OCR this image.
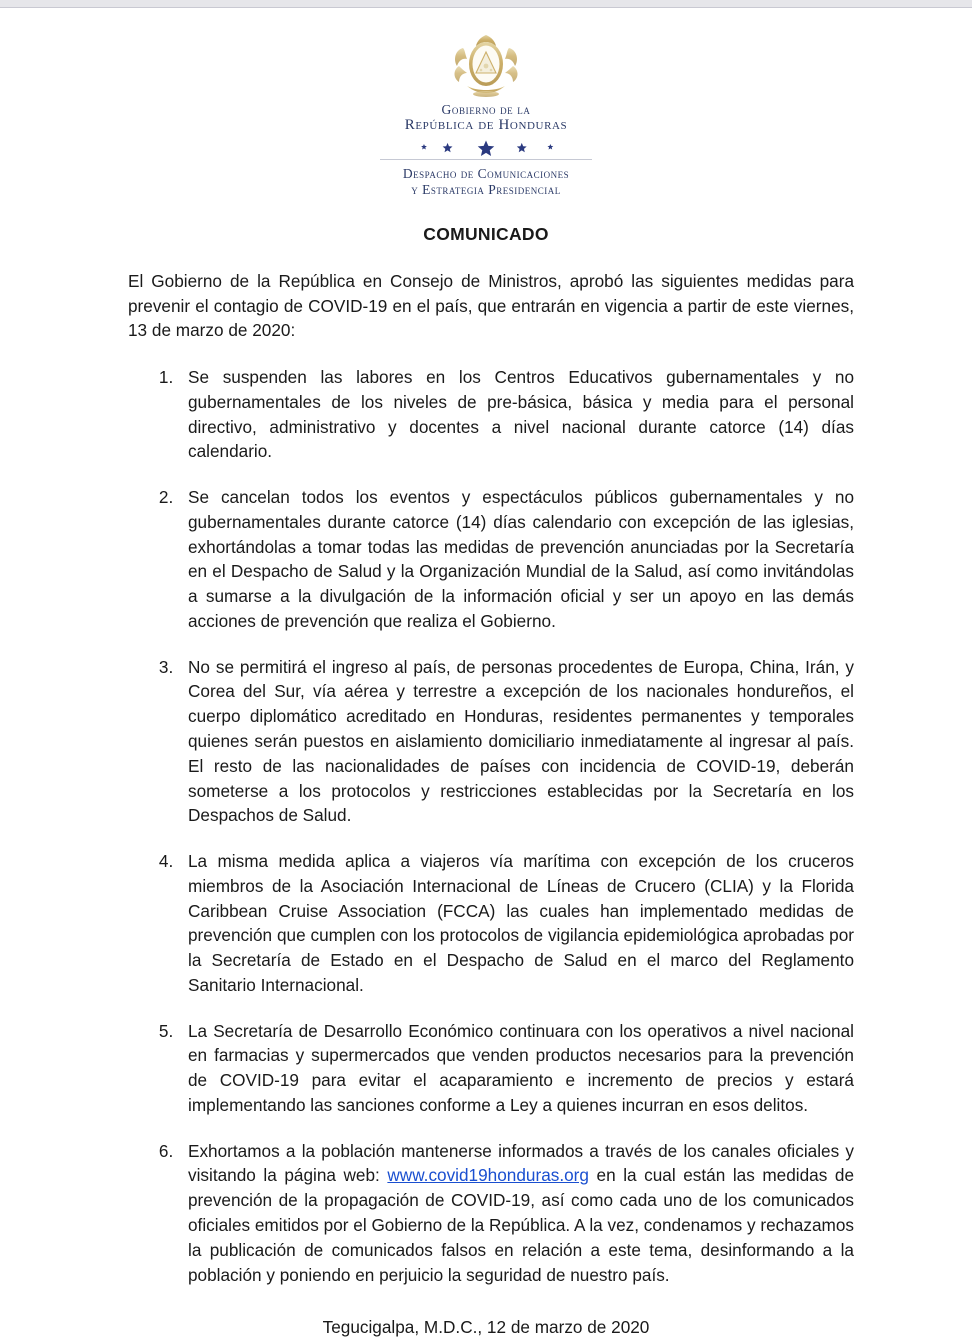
Gobierno de la
República de Honduras
Despacho de Comunicaciones
y Estrategia Presidencial
COMUNICADO

El Gobierno de la República en Consejo de Ministros, aprobó las siguientes medidas para prevenir el contagio de COVID-19 en el país, que entrarán en vigencia a partir de este viernes, 13 de marzo de 2020:

1. Se suspenden las labores en los Centros Educativos gubernamentales y no gubernamentales de los niveles de pre-básica, básica y media para el personal directivo, administrativo y docentes a nivel nacional durante catorce (14) días calendario.
2. Se cancelan todos los eventos y espectáculos públicos gubernamentales y no gubernamentales durante catorce (14) días calendario con excepción de las iglesias, exhortándolas a tomar todas las medidas de prevención anunciadas por la Secretaría en el Despacho de Salud y la Organización Mundial de la Salud, así como invitándolas a sumarse a la divulgación de la información oficial y ser un apoyo en las demás acciones de prevención que realiza el Gobierno.
3. No se permitirá el ingreso al país, de personas procedentes de Europa, China, Irán, y Corea del Sur, vía aérea y terrestre a excepción de los nacionales hondureños, el cuerpo diplomático acreditado en Honduras, residentes permanentes y temporales quienes serán puestos en aislamiento domiciliario inmediatamente al ingresar al país. El resto de las nacionalidades de países con incidencia de COVID-19, deberán someterse a los protocolos y restricciones establecidas por la Secretaría en los Despachos de Salud.
4. La misma medida aplica a viajeros vía marítima con excepción de los cruceros miembros de la Asociación Internacional de Líneas de Crucero (CLIA) y la Florida Caribbean Cruise Association (FCCA) las cuales han implementado medidas de prevención que cumplen con los protocolos de vigilancia epidemiológica aprobadas por la Secretaría de Estado en el Despacho de Salud en el marco del Reglamento Sanitario Internacional.
5. La Secretaría de Desarrollo Económico continuara con los operativos a nivel nacional en farmacias y supermercados que venden productos necesarios para la prevención de COVID-19 para evitar el acaparamiento e incremento de precios y estará implementando las sanciones conforme a Ley a quienes incurran en esos delitos.
6. Exhortamos a la población mantenerse informados a través de los canales oficiales y visitando la página web: www.covid19honduras.org en la cual están las medidas de prevención de la propagación de COVID-19, así como cada uno de los comunicados oficiales emitidos por el Gobierno de la República. A la vez, condenamos y rechazamos la publicación de comunicados falsos en relación a este tema, desinformando a la población y poniendo en perjuicio la seguridad de nuestro país.

Tegucigalpa, M.D.C., 12 de marzo de 2020
